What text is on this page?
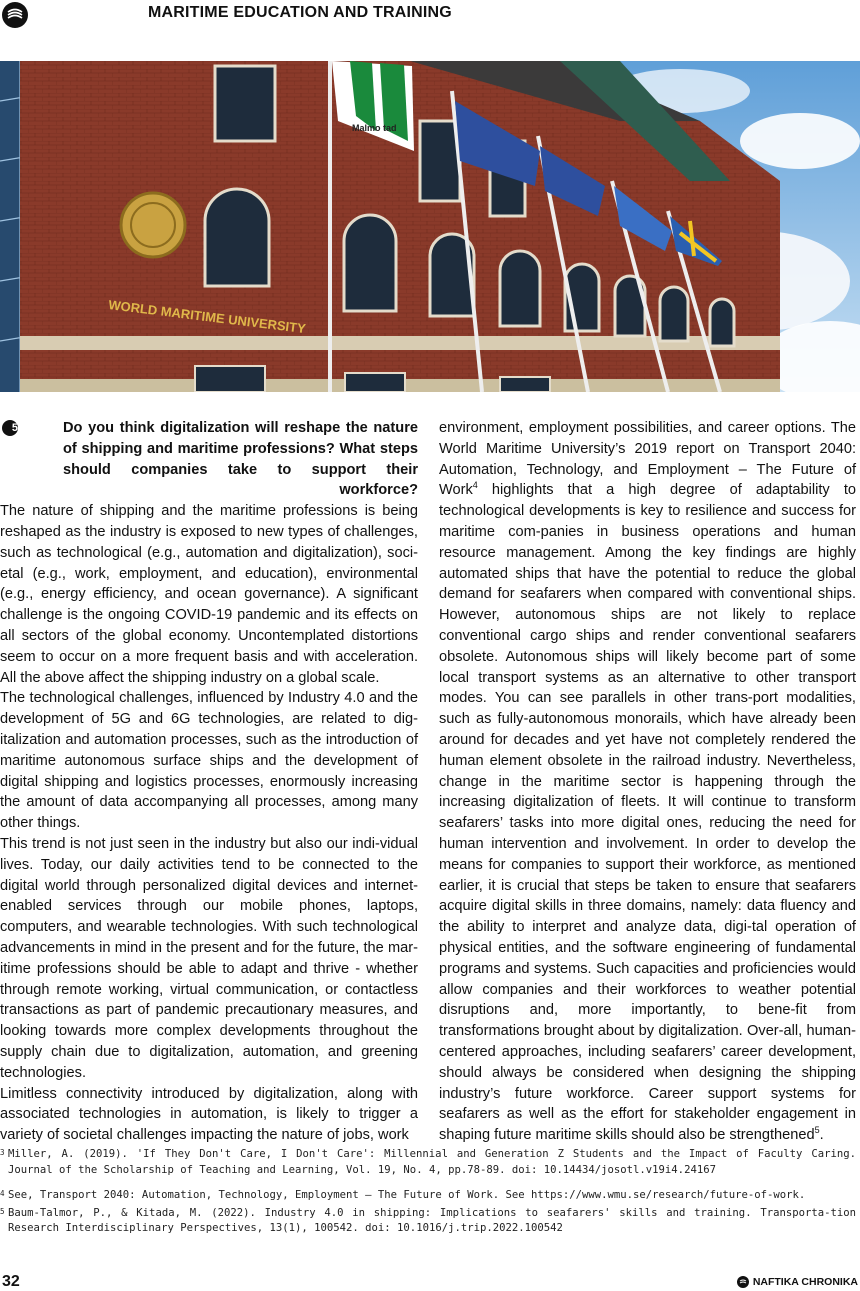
MARITIME EDUCATION AND TRAINING
WORLD MARITIME UNIVERSITY
Malmo tad
5	Do you think digitalization will reshape the nature of shipping and maritime professions? What steps should companies take to support their workforce?

The nature of shipping and the maritime professions is being reshaped as the industry is exposed to new types of challenges, such as technological (e.g., automation and digitalization), soci-etal (e.g., work, employment, and education), environmental (e.g., energy efficiency, and ocean governance). A significant challenge is the ongoing COVID-19 pandemic and its effects on all sectors of the global economy. Uncontemplated distortions seem to occur on a more frequent basis and with acceleration. All the above affect the shipping industry on a global scale.

The technological challenges, influenced by Industry 4.0 and the development of 5G and 6G technologies, are related to dig-italization and automation processes, such as the introduction of maritime autonomous surface ships and the development of digital shipping and logistics processes, enormously increasing the amount of data accompanying all processes, among many other things.

This trend is not just seen in the industry but also our indi-vidual lives. Today, our daily activities tend to be connected to the digital world through personalized digital devices and internet-enabled services through our mobile phones, laptops, computers, and wearable technologies. With such technological advancements in mind in the present and for the future, the mar-itime professions should be able to adapt and thrive - whether through remote working, virtual communication, or contactless transactions as part of pandemic precautionary measures, and looking towards more complex developments throughout the supply chain due to digitalization, automation, and greening technologies.

Limitless connectivity introduced by digitalization, along with associated technologies in automation, is likely to trigger a variety of societal challenges impacting the nature of jobs, work

environment, employment possibilities, and career options. The World Maritime University’s 2019 report on Transport 2040: Automation, Technology, and Employment – The Future of Work$^4$ highlights that a high degree of adaptability to technological developments is key to resilience and success for maritime com-panies in business operations and human resource management. Among the key findings are highly automated ships that have the potential to reduce the global demand for seafarers when compared with conventional ships. However, autonomous ships are not likely to replace conventional cargo ships and render conventional seafarers obsolete. Autonomous ships will likely become part of some local transport systems as an alternative to other transport modes. You can see parallels in other trans-port modalities, such as fully-autonomous monorails, which have already been around for decades and yet have not completely rendered the human element obsolete in the railroad industry. Nevertheless, change in the maritime sector is happening through the increasing digitalization of fleets. It will continue to transform seafarers’ tasks into more digital ones, reducing the need for human intervention and involvement. In order to develop the means for companies to support their workforce, as mentioned earlier, it is crucial that steps be taken to ensure that seafarers acquire digital skills in three domains, namely: data fluency and the ability to interpret and analyze data, digi-tal operation of physical entities, and the software engineering of fundamental programs and systems. Such capacities and proficiencies would allow companies and their workforces to weather potential disruptions and, more importantly, to bene-fit from transformations brought about by digitalization. Over-all, human-centered approaches, including seafarers’ career development, should always be considered when designing the shipping industry’s future workforce. Career support systems for seafarers as well as the effort for stakeholder engagement in shaping future maritime skills should also be strengthened$^5$.

3 Miller, A. (2019). 'If They Don't Care, I Don't Care': Millennial and Generation Z Students and the Impact of Faculty Caring. Journal of the Scholarship of Teaching and Learning, Vol. 19, No. 4, pp.78-89. doi: 10.14434/josotl.v19i4.24167
4 See, Transport 2040: Automation, Technology, Employment — The Future of Work. See https://www.wmu.se/research/future-of-work.
5 Baum-Talmor, P., & Kitada, M. (2022). Industry 4.0 in shipping: Implications to seafarers' skills and training. Transporta-tion Research Interdisciplinary Perspectives, 13(1), 100542. doi: 10.1016/j.trip.2022.100542
32	NAFTIKA CHRONIKA
